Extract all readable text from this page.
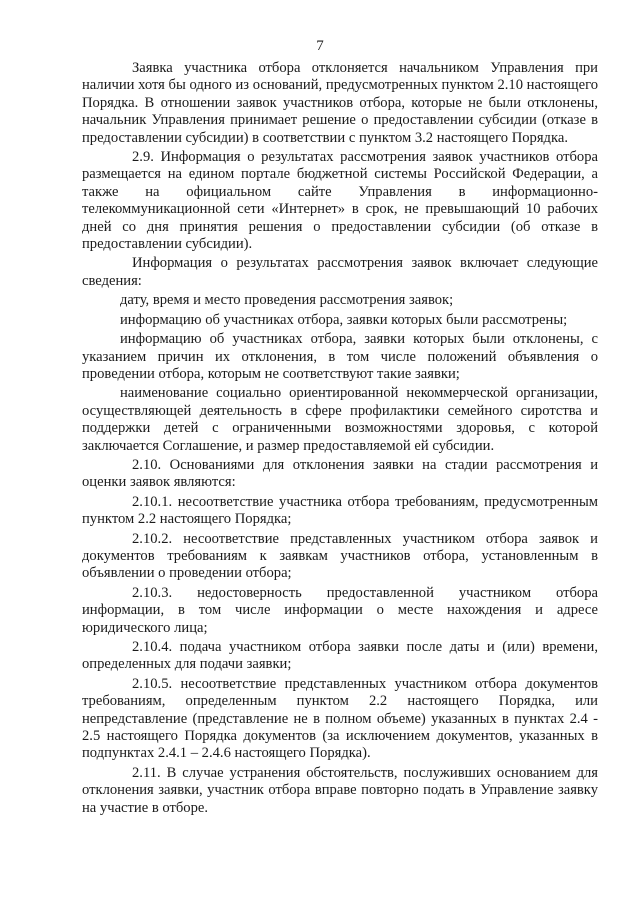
7

Заявка участника отбора отклоняется начальником Управления при наличии хотя бы одного из оснований, предусмотренных пунктом 2.10 настоящего Порядка. В отношении заявок участников отбора, которые не были отклонены, начальник Управления принимает решение о предоставлении субсидии (отказе в предоставлении субсидии) в соответствии с пунктом 3.2 настоящего Порядка.

2.9. Информация о результатах рассмотрения заявок участников отбора размещается на едином портале бюджетной системы Российской Федерации, а также на официальном сайте Управления в информационно-телекоммуникационной сети «Интернет» в срок, не превышающий 10 рабочих дней со дня принятия решения о предоставлении субсидии (об отказе в предоставлении субсидии).

Информация о результатах рассмотрения заявок включает следующие сведения:

дату, время и место проведения рассмотрения заявок;

информацию об участниках отбора, заявки которых были рассмотрены;

информацию об участниках отбора, заявки которых были отклонены, с указанием причин их отклонения, в том числе положений объявления о проведении отбора, которым не соответствуют такие заявки;

наименование социально ориентированной некоммерческой организации, осуществляющей деятельность в сфере профилактики семейного сиротства и поддержки детей с ограниченными возможностями здоровья, с которой заключается Соглашение, и размер предоставляемой ей субсидии.

2.10. Основаниями для отклонения заявки на стадии рассмотрения и оценки заявок являются:

2.10.1. несоответствие участника отбора требованиям, предусмотренным пунктом 2.2 настоящего Порядка;

2.10.2. несоответствие представленных участником отбора заявок и документов требованиям к заявкам участников отбора, установленным в объявлении о проведении отбора;

2.10.3. недостоверность предоставленной участником отбора информации, в том числе информации о месте нахождения и адресе юридического лица;

2.10.4. подача участником отбора заявки после даты и (или) времени, определенных для подачи заявки;

2.10.5. несоответствие представленных участником отбора документов требованиям, определенным пунктом 2.2 настоящего Порядка, или непредставление (представление не в полном объеме) указанных в пунктах 2.4 - 2.5 настоящего Порядка документов (за исключением документов, указанных в подпунктах 2.4.1 – 2.4.6 настоящего Порядка).

2.11. В случае устранения обстоятельств, послуживших основанием для отклонения заявки, участник отбора вправе повторно подать в Управление заявку на участие в отборе.
